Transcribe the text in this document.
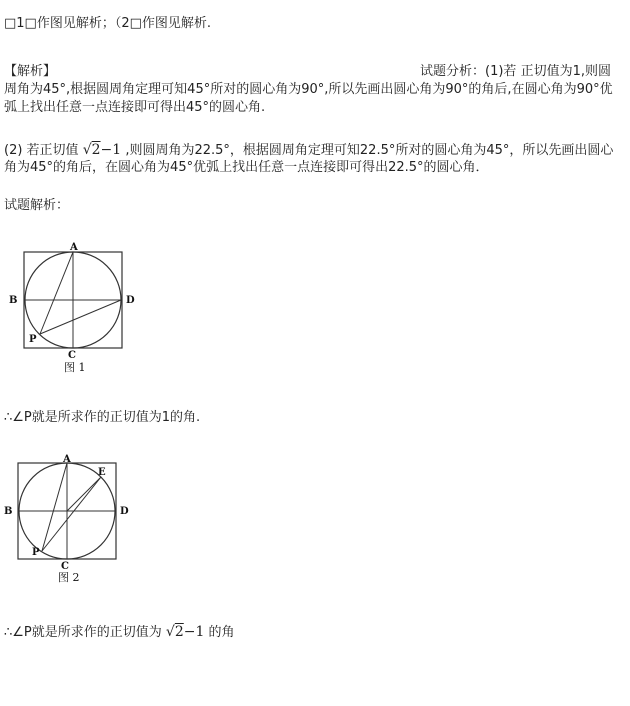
□1□作图见解析；（2□作图见解析.
【解析】	试题分析：(1)若 正切值为1,则圆
周角为45°,根据圆周角定理可知45°所对的圆心角为90°,所以先画出圆心角为90°的角后,在圆心角为90°优
弧上找出任意一点连接即可得出45°的圆心角.
(2) 若正切值 √2−1 ,则圆周角为22.5°，根据圆周角定理可知22.5°所对的圆心角为45°，所以先画出圆心
角为45°的角后，在圆心角为45°优弧上找出任意一点连接即可得出22.5°的圆心角．
试题解析：
A
B	D
C
P
图 1
∴∠P就是所求作的正切值为1的角.
A
E
B	D
C
P
图 2
∴∠P就是所求作的正切值为 √2−1 的角
